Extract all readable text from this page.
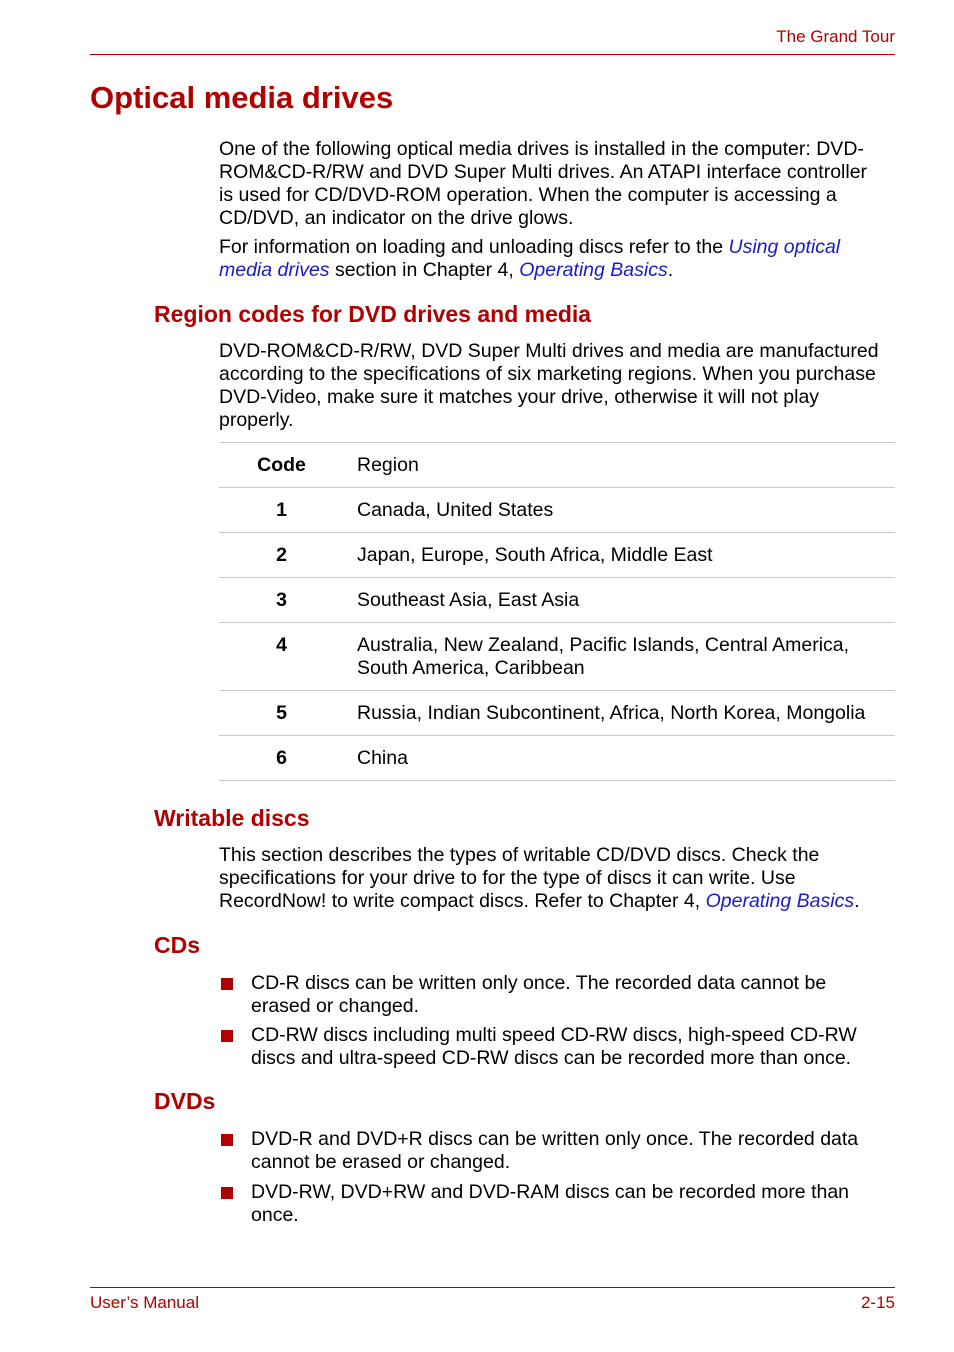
The Grand Tour
Optical media drives

One of the following optical media drives is installed in the computer: DVD-ROM&CD-R/RW and DVD Super Multi drives. An ATAPI interface controller is used for CD/DVD-ROM operation. When the computer is accessing a CD/DVD, an indicator on the drive glows.

For information on loading and unloading discs refer to the Using optical media drives section in Chapter 4, Operating Basics.

Region codes for DVD drives and media

DVD-ROM&CD-R/RW, DVD Super Multi drives and media are manufactured according to the specifications of six marketing regions. When you purchase DVD-Video, make sure it matches your drive, otherwise it will not play properly.

Code	Region
1	Canada, United States
2	Japan, Europe, South Africa, Middle East
3	Southeast Asia, East Asia
4	Australia, New Zealand, Pacific Islands, Central America, South America, Caribbean
5	Russia, Indian Subcontinent, Africa, North Korea, Mongolia
6	China
Writable discs

This section describes the types of writable CD/DVD discs. Check the specifications for your drive to for the type of discs it can write. Use RecordNow! to write compact discs. Refer to Chapter 4, Operating Basics.

CDs
CD-R discs can be written only once. The recorded data cannot be erased or changed.
CD-RW discs including multi speed CD-RW discs, high-speed CD-RW discs and ultra-speed CD-RW discs can be recorded more than once.
DVDs
DVD-R and DVD+R discs can be written only once. The recorded data cannot be erased or changed.
DVD-RW, DVD+RW and DVD-RAM discs can be recorded more than once.
User’s Manual	2-15
